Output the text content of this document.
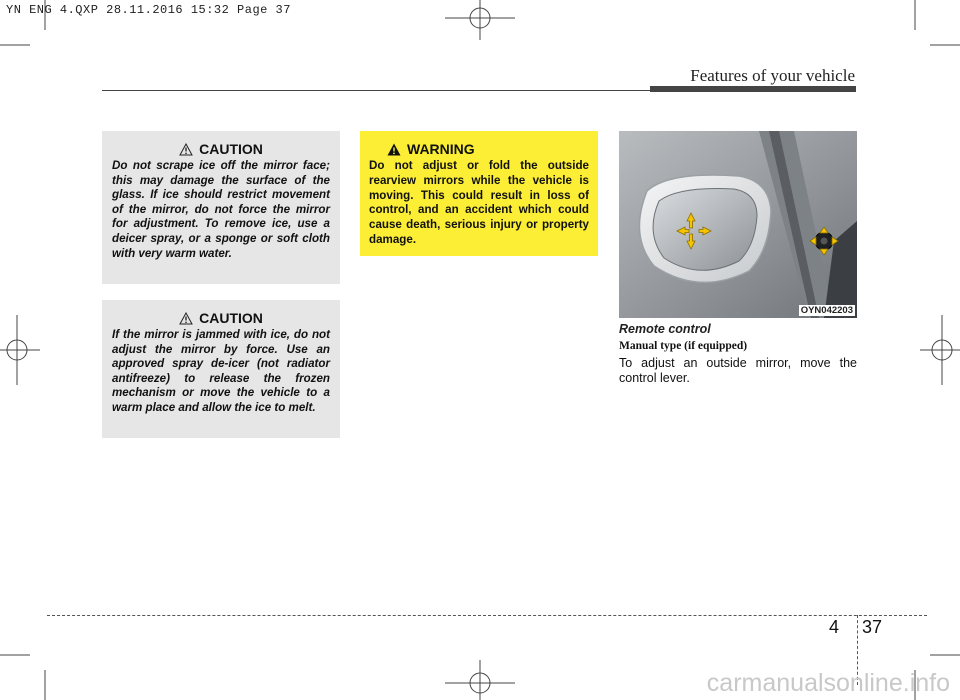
YN ENG 4.QXP 28.11.2016 15:32 Page 37
Features of your vehicle
CAUTION
Do not scrape ice off the mirror face; this may damage the surface of the glass. If ice should restrict movement of the mirror, do not force the mirror for adjustment. To remove ice, use a deicer spray, or a sponge or soft cloth with very warm water.
CAUTION
If the mirror is jammed with ice, do not adjust the mirror by force. Use an approved spray de-icer (not radiator antifreeze) to release the frozen mechanism or move the vehicle to a warm place and allow the ice to melt.
WARNING
Do not adjust or fold the outside rearview mirrors while the vehicle is moving. This could result in loss of control, and an accident which could cause death, serious injury or property damage.
OYN042203
Remote control
Manual type (if equipped)
To adjust an outside mirror, move the control lever.
4 37
carmanualsonline.info
